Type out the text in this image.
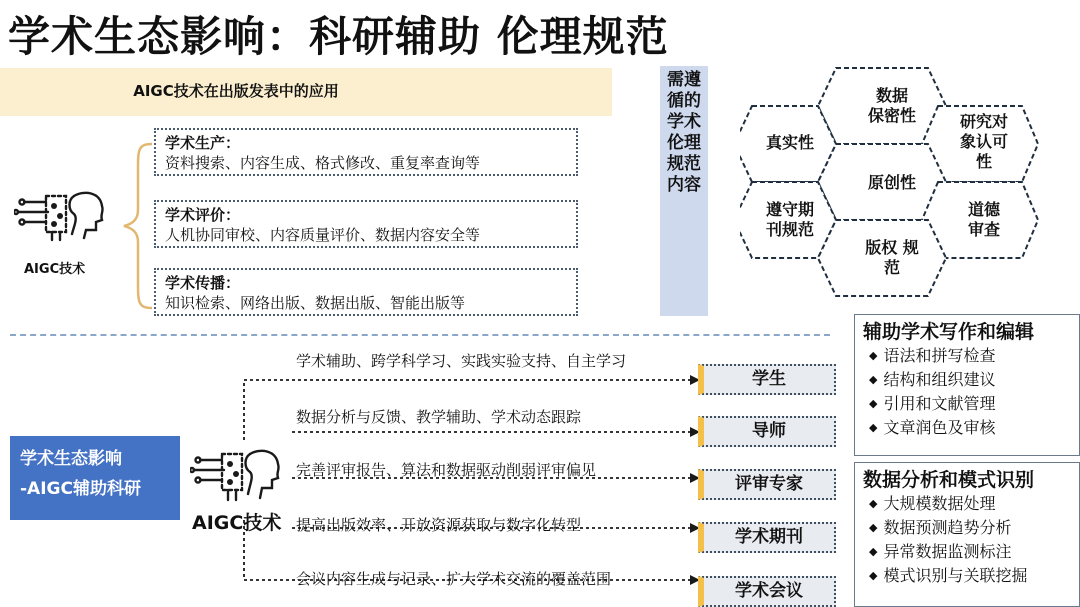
学术生态影响：科研辅助 伦理规范
AIGC技术在出版发表中的应用
AIGC技术
学术生产：
资料搜索、内容生成、格式修改、重复率查询等
学术评价：
人机协同审校、内容质量评价、数据内容安全等
学术传播：
知识检索、网络出版、数据出版、智能出版等
需遵循的学术伦理规范内容
数据
保密性
真实性
研究对
象认可
性
原创性
遵守期
刊规范
道德
审查
版权 规
范
学术生态影响
-AIGC辅助科研
AIGC技术
学术辅助、跨学科学习、实践实验支持、自主学习
数据分析与反馈、教学辅助、学术动态跟踪
完善评审报告、算法和数据驱动削弱评审偏见
提高出版效率、开放资源获取与数字化转型
会议内容生成与记录、扩大学术交流的覆盖范围
学生
导师
评审专家
学术期刊
学术会议
辅助学术写作和编辑
◆ 语法和拼写检查
◆ 结构和组织建议
◆ 引用和文献管理
◆ 文章润色及审核
数据分析和模式识别
◆ 大规模数据处理
◆ 数据预测趋势分析
◆ 异常数据监测标注
◆ 模式识别与关联挖掘
